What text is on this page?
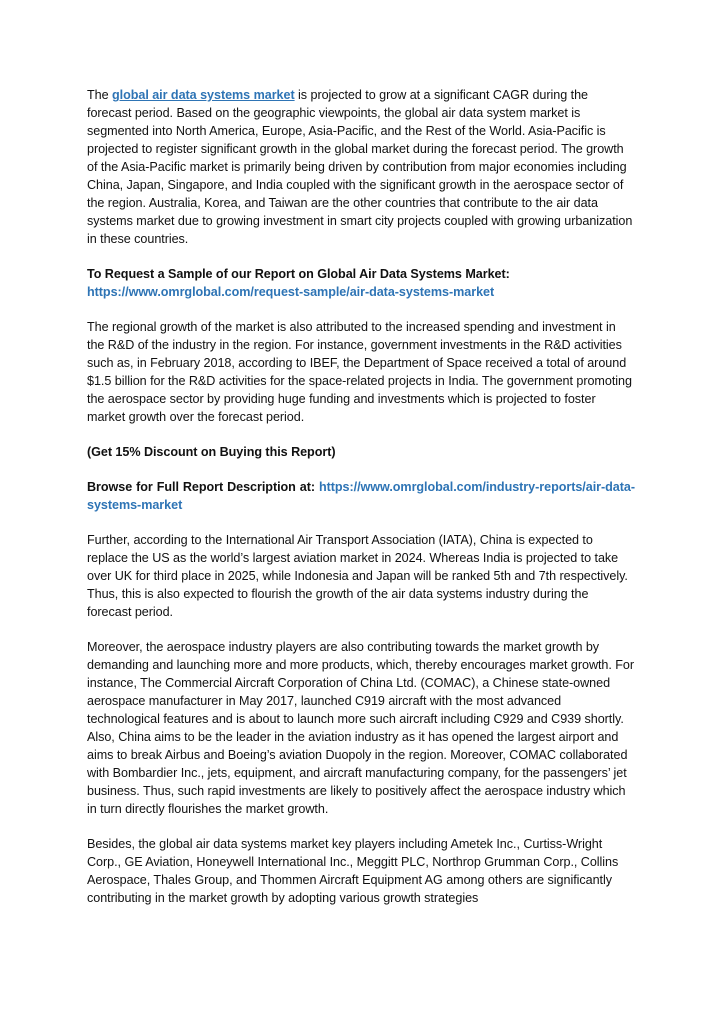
The global air data systems market is projected to grow at a significant CAGR during the forecast period. Based on the geographic viewpoints, the global air data system market is segmented into North America, Europe, Asia-Pacific, and the Rest of the World. Asia-Pacific is projected to register significant growth in the global market during the forecast period. The growth of the Asia-Pacific market is primarily being driven by contribution from major economies including China, Japan, Singapore, and India coupled with the significant growth in the aerospace sector of the region. Australia, Korea, and Taiwan are the other countries that contribute to the air data systems market due to growing investment in smart city projects coupled with growing urbanization in these countries.

To Request a Sample of our Report on Global Air Data Systems Market:
https://www.omrglobal.com/request-sample/air-data-systems-market

The regional growth of the market is also attributed to the increased spending and investment in the R&D of the industry in the region. For instance, government investments in the R&D activities such as, in February 2018, according to IBEF, the Department of Space received a total of around $1.5 billion for the R&D activities for the space-related projects in India. The government promoting the aerospace sector by providing huge funding and investments which is projected to foster market growth over the forecast period.

(Get 15% Discount on Buying this Report)

Browse for Full Report Description at: https://www.omrglobal.com/industry-reports/air-data-systems-market

Further, according to the International Air Transport Association (IATA), China is expected to replace the US as the world’s largest aviation market in 2024. Whereas India is projected to take over UK for third place in 2025, while Indonesia and Japan will be ranked 5th and 7th respectively. Thus, this is also expected to flourish the growth of the air data systems industry during the forecast period.

Moreover, the aerospace industry players are also contributing towards the market growth by demanding and launching more and more products, which, thereby encourages market growth. For instance, The Commercial Aircraft Corporation of China Ltd. (COMAC), a Chinese state-owned aerospace manufacturer in May 2017, launched C919 aircraft with the most advanced technological features and is about to launch more such aircraft including C929 and C939 shortly. Also, China aims to be the leader in the aviation industry as it has opened the largest airport and aims to break Airbus and Boeing’s aviation Duopoly in the region. Moreover, COMAC collaborated with Bombardier Inc., jets, equipment, and aircraft manufacturing company, for the passengers’ jet business. Thus, such rapid investments are likely to positively affect the aerospace industry which in turn directly flourishes the market growth.

Besides, the global air data systems market key players including Ametek Inc., Curtiss-Wright Corp., GE Aviation, Honeywell International Inc., Meggitt PLC, Northrop Grumman Corp., Collins Aerospace, Thales Group, and Thommen Aircraft Equipment AG among others are significantly contributing in the market growth by adopting various growth strategies
